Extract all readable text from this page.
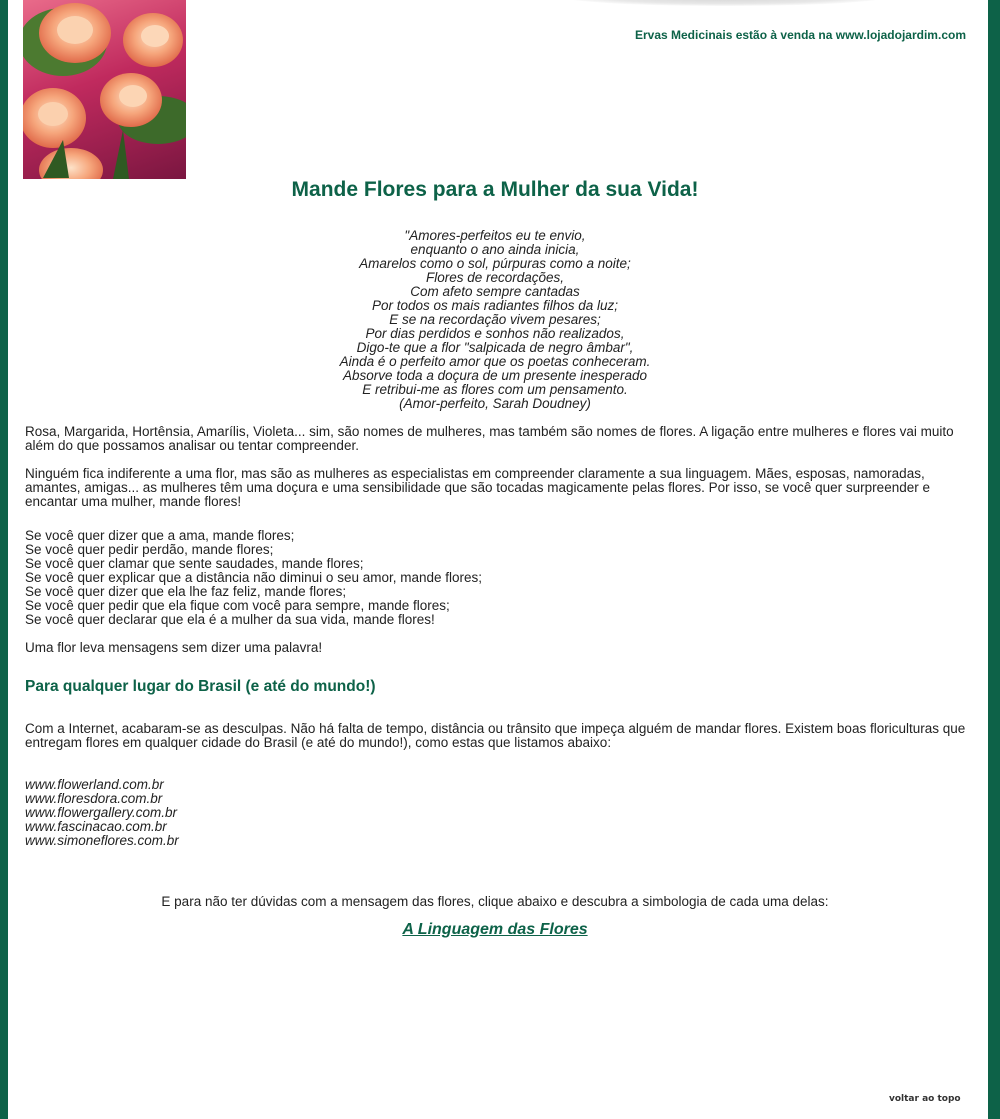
Ervas Medicinais estão à venda na www.lojadojardim.com
Mande Flores para a Mulher da sua Vida!
"Amores-perfeitos eu te envio,
enquanto o ano ainda inicia,
Amarelos como o sol, púrpuras como a noite;
Flores de recordações,
Com afeto sempre cantadas
Por todos os mais radiantes filhos da luz;
E se na recordação vivem pesares;
Por dias perdidos e sonhos não realizados,
Digo-te que a flor "salpicada de negro âmbar",
Ainda é o perfeito amor que os poetas conheceram.
Absorve toda a doçura de um presente inesperado
E retribui-me as flores com um pensamento.
(Amor-perfeito, Sarah Doudney)

Rosa, Margarida, Hortênsia, Amarílis, Violeta... sim, são nomes de mulheres, mas também são nomes de flores. A ligação entre mulheres e flores vai muito além do que possamos analisar ou tentar compreender.

Ninguém fica indiferente a uma flor, mas são as mulheres as especialistas em compreender claramente a sua linguagem. Mães, esposas, namoradas, amantes, amigas... as mulheres têm uma doçura e uma sensibilidade que são tocadas magicamente pelas flores. Por isso, se você quer surpreender e encantar uma mulher, mande flores!

Se você quer dizer que a ama, mande flores;
Se você quer pedir perdão, mande flores;
Se você quer clamar que sente saudades, mande flores;
Se você quer explicar que a distância não diminui o seu amor, mande flores;
Se você quer dizer que ela lhe faz feliz, mande flores;
Se você quer pedir que ela fique com você para sempre, mande flores;
Se você quer declarar que ela é a mulher da sua vida, mande flores!

Uma flor leva mensagens sem dizer uma palavra!

Para qualquer lugar do Brasil (e até do mundo!)

Com a Internet, acabaram-se as desculpas. Não há falta de tempo, distância ou trânsito que impeça alguém de mandar flores. Existem boas floriculturas que entregam flores em qualquer cidade do Brasil (e até do mundo!), como estas que listamos abaixo:

www.flowerland.com.br
www.floresdora.com.br
www.flowergallery.com.br
www.fascinacao.com.br
www.simoneflores.com.br
E para não ter dúvidas com a mensagem das flores, clique abaixo e descubra a simbologia de cada uma delas:
A Linguagem das Flores
voltar ao topo
